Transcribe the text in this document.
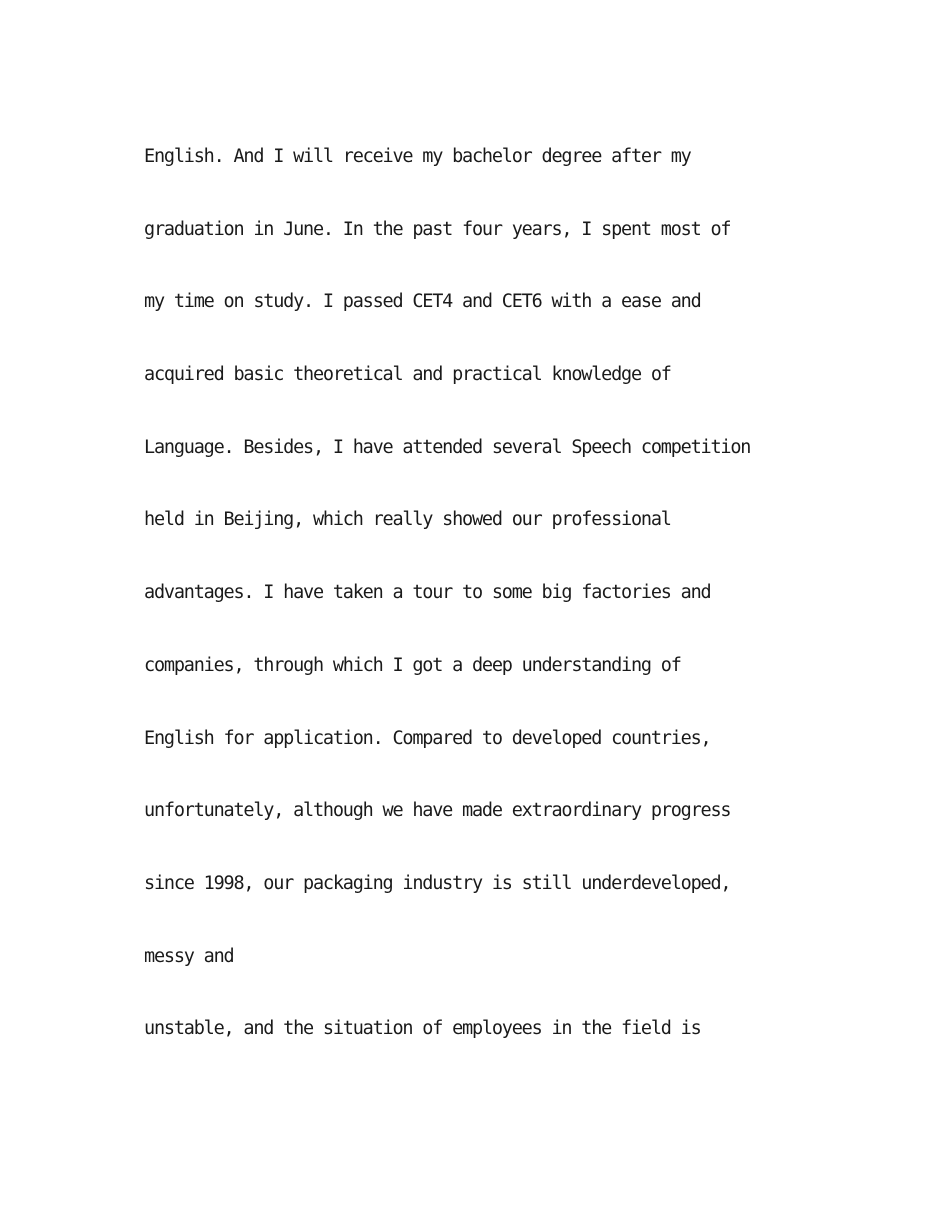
English. And I will receive my bachelor degree after my
graduation in June. In the past four years, I spent most of
my time on study. I passed CET4 and CET6 with a ease and
acquired basic theoretical and practical knowledge of
Language. Besides, I have attended several Speech competition
held in Beijing, which really showed our professional
advantages. I have taken a tour to some big factories and
companies, through which I got a deep understanding of
English for application. Compared to developed countries,
unfortunately, although we have made extraordinary progress
since 1998, our packaging industry is still underdeveloped,
messy and
unstable, and the situation of employees in the field is
